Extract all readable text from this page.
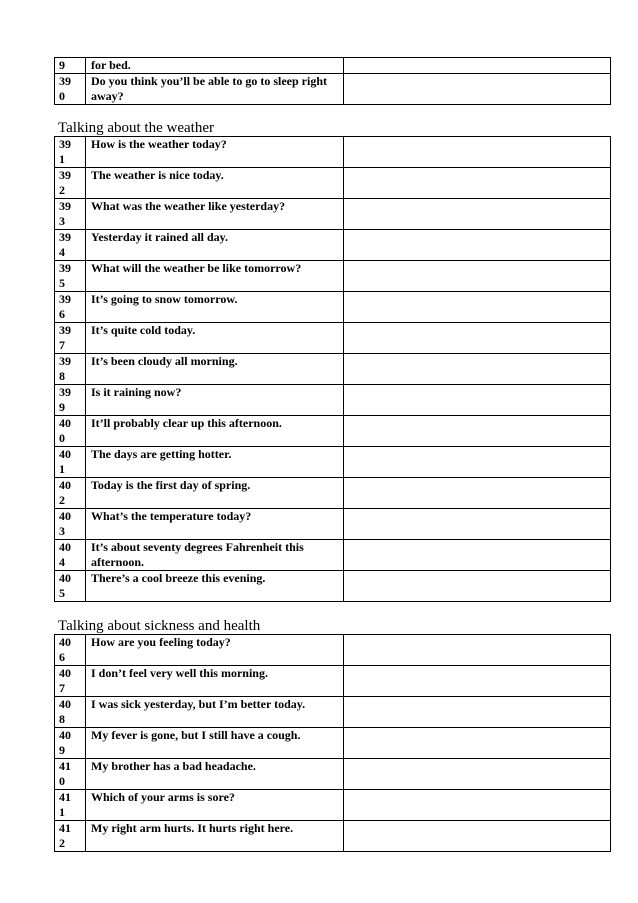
9	for bed.	

39
0	Do you think you’ll be able to go to sleep right away?	
Talking about the weather
39
1	How is the weather today?	

39
2	The weather is nice today.	

39
3	What was the weather like yesterday?	

39
4	Yesterday it rained all day.	

39
5	What will the weather be like tomorrow?	

39
6	It’s going to snow tomorrow.	

39
7	It’s quite cold today.	

39
8	It’s been cloudy all morning.	

39
9	Is it raining now?	

40
0	It’ll probably clear up this afternoon.	

40
1	The days are getting hotter.	

40
2	Today is the first day of spring.	

40
3	What’s the temperature today?	

40
4	It’s about seventy degrees Fahrenheit this afternoon.	

40
5	There’s a cool breeze this evening.	
Talking about sickness and health
40
6	How are you feeling today?	

40
7	I don’t feel very well this morning.	

40
8	I was sick yesterday, but I’m better today.	

40
9	My fever is gone, but I still have a cough.	

41
0	My brother has a bad headache.	

41
1	Which of your arms is sore?	

41
2	My right arm hurts. It hurts right here.	
